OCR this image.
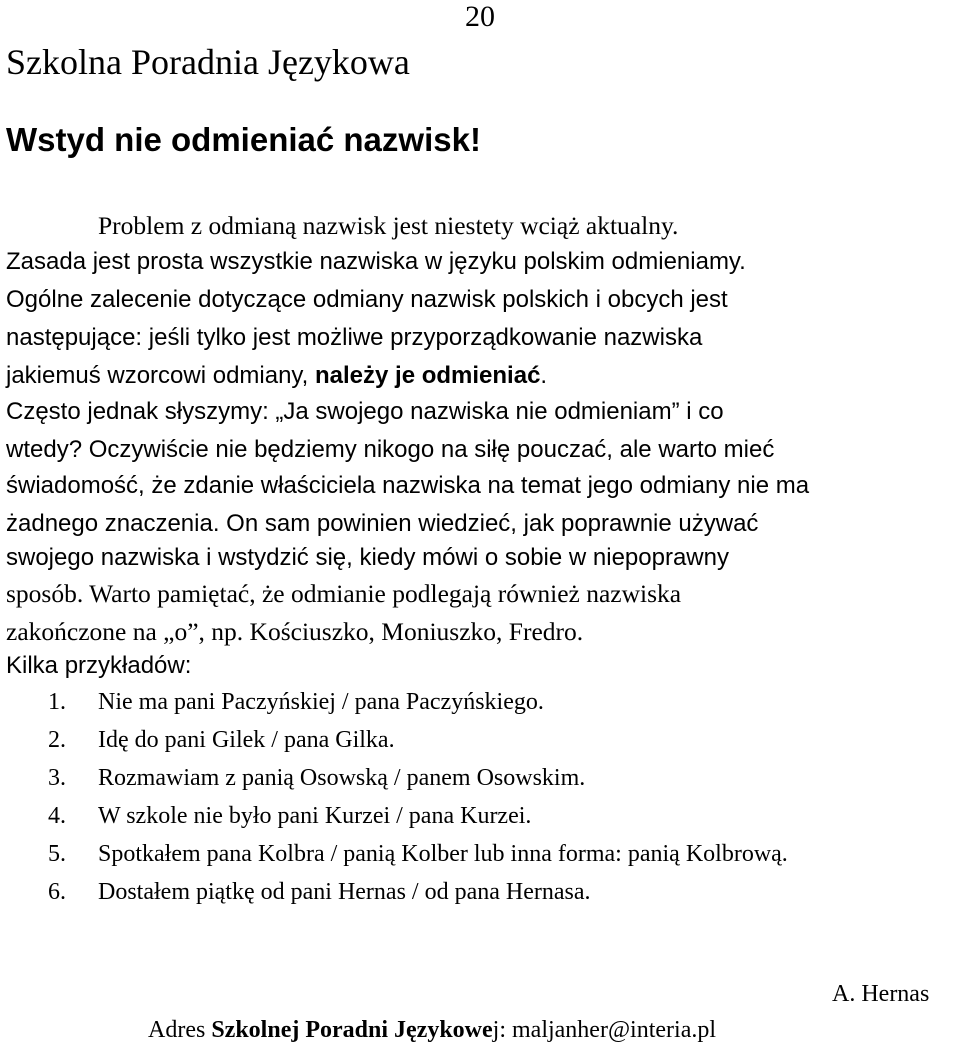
20
Szkolna Poradnia Językowa
Wstyd nie odmieniać nazwisk!
Problem z odmianą nazwisk jest niestety wciąż aktualny.
Zasada jest prosta wszystkie nazwiska w języku polskim odmieniamy.
Ogólne zalecenie dotyczące odmiany nazwisk polskich i obcych jest
następujące: jeśli tylko jest możliwe przyporządkowanie nazwiska
jakiemuś wzorcowi odmiany, należy je odmieniać.
Często jednak słyszymy: „Ja swojego nazwiska nie odmieniam” i co
wtedy? Oczywiście nie będziemy nikogo na siłę pouczać, ale warto mieć
świadomość, że zdanie właściciela nazwiska na temat jego odmiany nie ma
żadnego znaczenia. On sam powinien wiedzieć, jak poprawnie używać
swojego nazwiska i wstydzić się, kiedy mówi o sobie w niepoprawny
sposób. Warto pamiętać, że odmianie podlegają również nazwiska
zakończone na „o”, np. Kościuszko, Moniuszko, Fredro.
Kilka przykładów:
1. Nie ma pani Paczyńskiej / pana Paczyńskiego.
2. Idę do pani Gilek / pana Gilka.
3. Rozmawiam z panią Osowską / panem Osowskim.
4. W szkole nie było pani Kurzei / pana Kurzei.
5. Spotkałem pana Kolbra / panią Kolber lub inna forma: panią Kolbrową.
6. Dostałem piątkę od pani Hernas / od pana Hernasa.
A. Hernas
Adres Szkolnej Poradni Językowej: maljanher@interia.pl
